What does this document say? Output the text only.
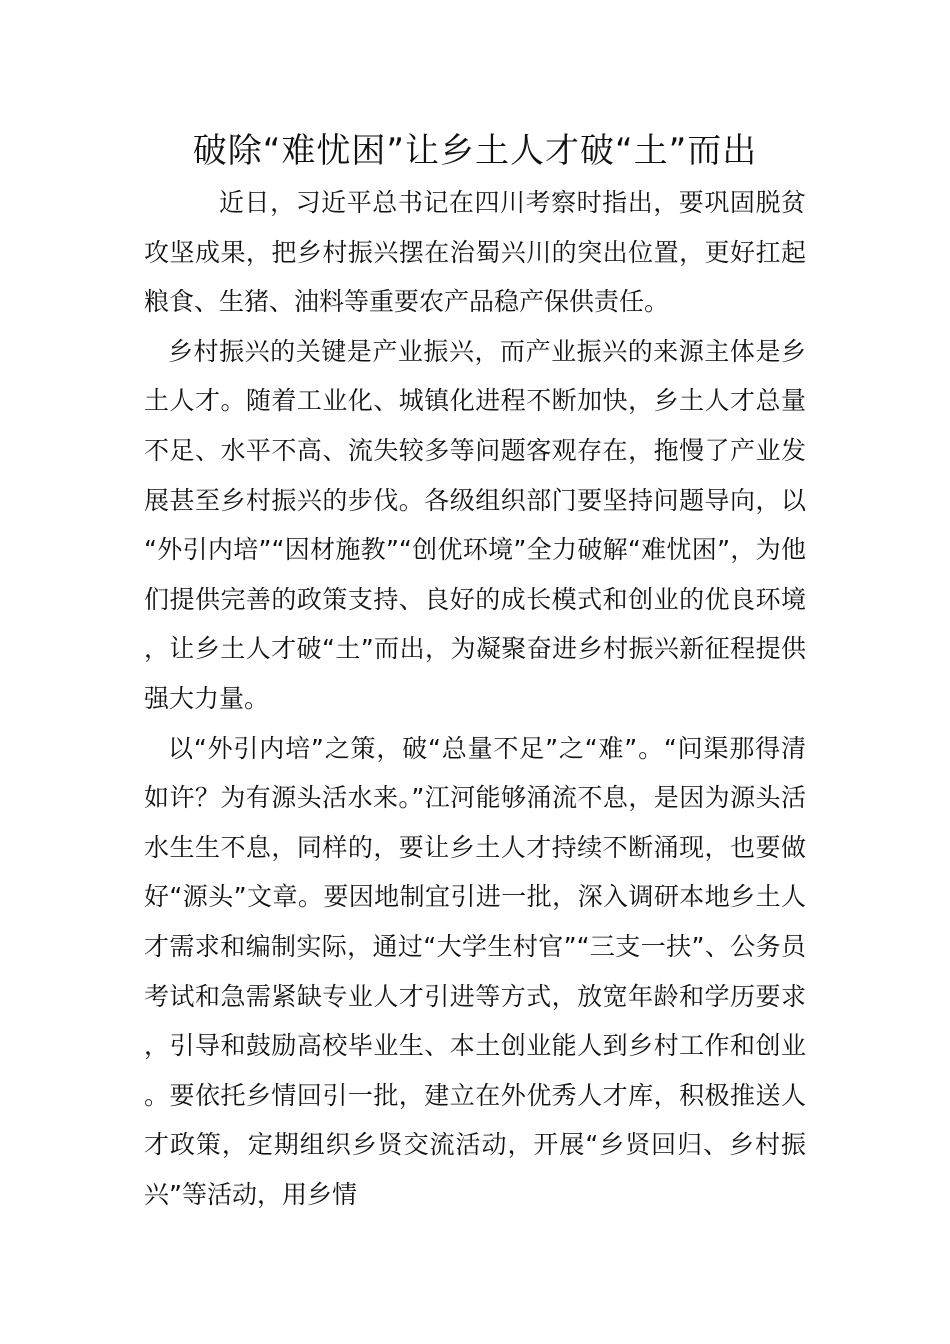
破除“难忧困”让乡土人才破“土”而出

近日，习近平总书记在四川考察时指出，要巩固脱贫攻坚成果，把乡村振兴摆在治蜀兴川的突出位置，更好扛起粮食、生猪、油料等重要农产品稳产保供责任。

乡村振兴的关键是产业振兴，而产业振兴的来源主体是乡土人才。随着工业化、城镇化进程不断加快，乡土人才总量不足、水平不高、流失较多等问题客观存在，拖慢了产业发展甚至乡村振兴的步伐。各级组织部门要坚持问题导向，以“外引内培”“因材施教”“创优环境”全力破解“难忧困”，为他们提供完善的政策支持、良好的成长模式和创业的优良环境，让乡土人才破“土”而出，为凝聚奋进乡村振兴新征程提供强大力量。

以“外引内培”之策，破“总量不足”之“难”。“问渠那得清如许？为有源头活水来。”江河能够涌流不息，是因为源头活水生生不息，同样的，要让乡土人才持续不断涌现，也要做好“源头”文章。要因地制宜引进一批，深入调研本地乡土人才需求和编制实际，通过“大学生村官”“三支一扶”、公务员考试和急需紧缺专业人才引进等方式，放宽年龄和学历要求，引导和鼓励高校毕业生、本土创业能人到乡村工作和创业。要依托乡情回引一批，建立在外优秀人才库，积极推送人才政策，定期组织乡贤交流活动，开展“乡贤回归、乡村振兴”等活动，用乡情
